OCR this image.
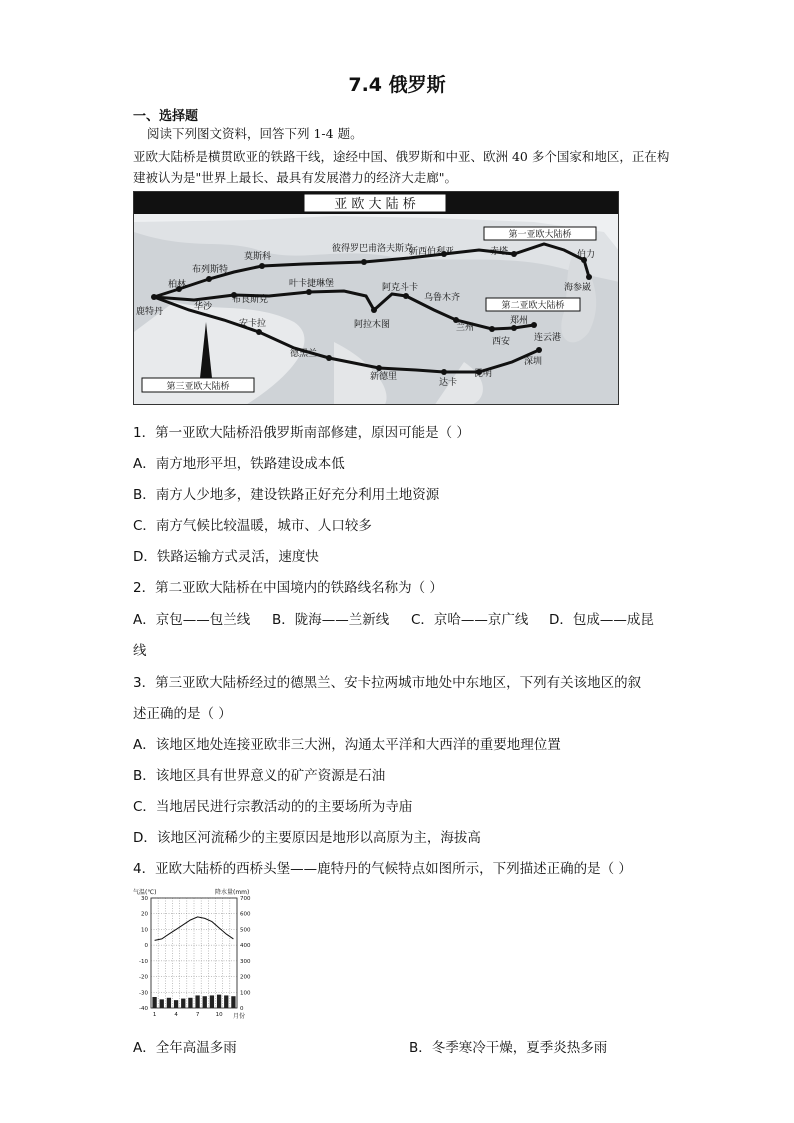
7.4 俄罗斯
一、选择题
阅读下列图文资料，回答下列 1-4 题。
亚欧大陆桥是横贯欧亚的铁路干线，途经中国、俄罗斯和中亚、欧洲 40 多个国家和地区，正在构建被认为是"世界上最长、最具有发展潜力的经济大走廊"。
亚 欧 大 陆 桥
第一亚欧大陆桥
第二亚欧大陆桥
第三亚欧大陆桥
鹿特丹
柏林
布列斯特
华沙
莫斯科
彼得罗巴甫洛夫斯克
新西伯利亚	赤塔	伯力
海参崴
布良斯克
叶卡捷琳堡	阿克斗卡
乌鲁木齐
阿拉木图	兰州
西安
郑州
连云港
安卡拉
德黑兰
新德里
达卡
昆明
深圳
1．第一亚欧大陆桥沿俄罗斯南部修建，原因可能是（ ）
A．南方地形平坦，铁路建设成本低
B．南方人少地多，建设铁路正好充分利用土地资源
C．南方气候比较温暖，城市、人口较多
D．铁路运输方式灵活，速度快
2．第二亚欧大陆桥在中国境内的铁路线名称为（ ）
A．京包——包兰线 B．陇海——兰新线 C．京哈——京广线 D．包成——成昆
线
3．第三亚欧大陆桥经过的德黑兰、安卡拉两城市地处中东地区，下列有关该地区的叙
述正确的是（ ）
A．该地区地处连接亚欧非三大洲，沟通太平洋和大西洋的重要地理位置
B．该地区具有世界意义的矿产资源是石油
C．当地居民进行宗教活动的的主要场所为寺庙
D．该地区河流稀少的主要原因是地形以高原为主，海拔高
4．亚欧大陆桥的西桥头堡——鹿特丹的气候特点如图所示，下列描述正确的是（ ）
气温(℃)	降水量(mm)
月份
30	700
20	600
10	500
0	400
-10	300
-20	200
-30	100
-40	0
1	4	7	10
A．全年高温多雨	B．冬季寒冷干燥，夏季炎热多雨
